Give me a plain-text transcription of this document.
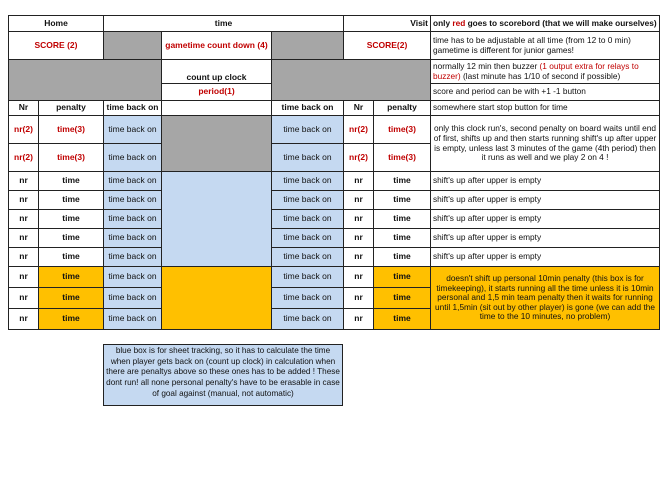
Home		time			Visit		only red goes to scorebord (that we will make ourselves)
SCORE (2)			gametime count down (4)		SCORE(2)		time has to be adjustable at all time (from 12 to 0 min) gametime is different for junior games!
			count up clock				normally 12 min then buzzer (1 output extra for relays to buzzer) (last minute has 1/10 of second if possible)
			period(1)				score and period can be with +1 -1 button
Nr	penalty	time back on		time back on	Nr	penalty	somewhere start stop button for time
nr(2)	time(3)	time back on		time back on	nr(2)	time(3)	only this clock run's, second penalty on board waits until end of first, shifts up and then starts running shift's up after upper is empty, unless last 3 minutes of the game (4th period) then it runs as well and we play 2 on 4 !
nr(2)	time(3)	time back on		time back on	nr(2)	time(3)	
nr	time	time back on		time back on	nr	time	shift's up after upper is empty
nr	time	time back on		time back on	nr	time	shift's up after upper is empty
nr	time	time back on		time back on	nr	time	shift's up after upper is empty
nr	time	time back on		time back on	nr	time	shift's up after upper is empty
nr	time	time back on		time back on	nr	time	shift's up after upper is empty
nr	time	time back on		time back on	nr	time	doesn't shift up personal 10min penalty (this box is for timekeeping), it starts running all the time unless it is 10min personal and 1,5 min team penalty then it waits for running until 1,5min (sit out by other player) is gone (we can add the time to the 10 minutes, no problem)
nr	time	time back on		time back on	nr	time	
nr	time	time back on		time back on	nr	time	
blue box is for sheet tracking, so it has to calculate the time when player gets back on (count up clock) in calculation when there are penaltys above so these ones has to be added ! These dont run! all none personal penalty's have to be erasable in case of goal against (manual, not automatic)
